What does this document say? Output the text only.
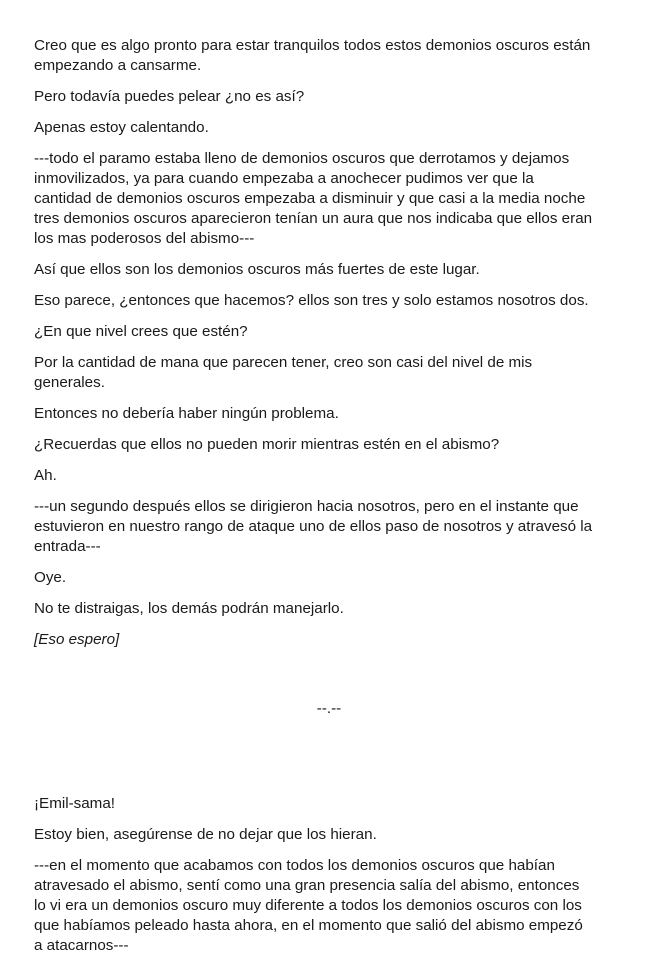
Creo que es algo pronto para estar tranquilos todos estos demonios oscuros están empezando a cansarme.

Pero todavía puedes pelear ¿no es así?

Apenas estoy calentando.

---todo el paramo estaba lleno de demonios oscuros que derrotamos y dejamos inmovilizados, ya para cuando empezaba a anochecer pudimos ver que la cantidad de demonios oscuros empezaba a disminuir y que casi a la media noche tres demonios oscuros aparecieron tenían un aura que nos indicaba que ellos eran los mas poderosos del abismo---

Así que ellos son los demonios oscuros más fuertes de este lugar.

Eso parece, ¿entonces que hacemos? ellos son tres y solo estamos nosotros dos.

¿En que nivel crees que estén?

Por la cantidad de mana que parecen tener, creo son casi del nivel de mis generales.

Entonces no debería haber ningún problema.

¿Recuerdas que ellos no pueden morir mientras estén en el abismo?

Ah.

---un segundo después ellos se dirigieron hacia nosotros, pero en el instante que estuvieron en nuestro rango de ataque uno de ellos paso de nosotros y atravesó la entrada---

Oye.

No te distraigas, los demás podrán manejarlo.

[Eso espero]

--.--

¡Emil-sama!

Estoy bien, asegúrense de no dejar que los hieran.

---en el momento que acabamos con todos los demonios oscuros que habían atravesado el abismo, sentí como una gran presencia salía del abismo, entonces lo vi era un demonios oscuro muy diferente a todos los demonios oscuros con los que habíamos peleado hasta ahora, en el momento que salió del abismo empezó a atacarnos---
